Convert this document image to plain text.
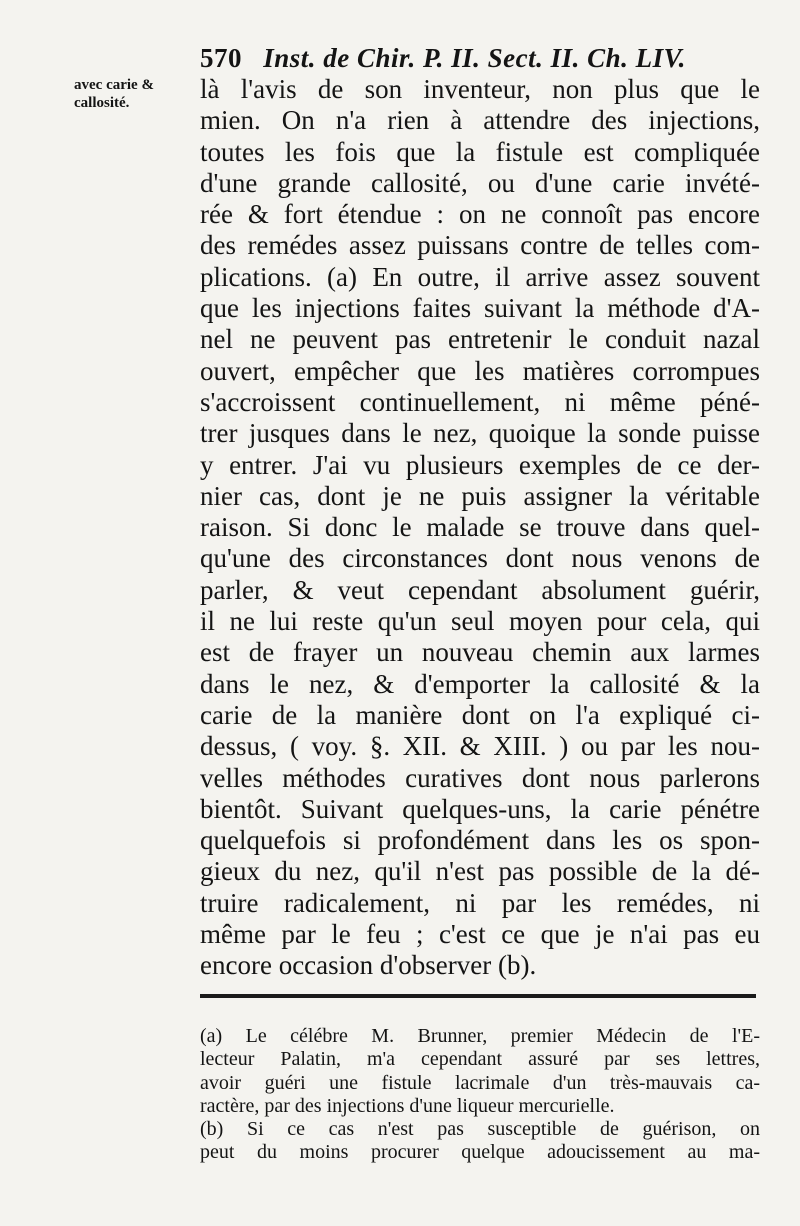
570 Inst. de Chir. P. II. Sect. II. Ch. LIV.
avec carie &
callosité.
	là l'avis de son inventeur, non plus que le
mien. On n'a rien à attendre des injections,
toutes les fois que la fistule est compliquée
d'une grande callosité, ou d'une carie invété-
rée & fort étendue : on ne connoît pas encore
des remédes assez puissans contre de telles com-
plications. (a) En outre, il arrive assez souvent
que les injections faites suivant la méthode d'A-
nel ne peuvent pas entretenir le conduit nazal
ouvert, empêcher que les matières corrompues
s'accroissent continuellement, ni même péné-
trer jusques dans le nez, quoique la sonde puisse
y entrer. J'ai vu plusieurs exemples de ce der-
nier cas, dont je ne puis assigner la véritable
raison. Si donc le malade se trouve dans quel-
qu'une des circonstances dont nous venons de
parler, & veut cependant absolument guérir,
il ne lui reste qu'un seul moyen pour cela, qui
est de frayer un nouveau chemin aux larmes
dans le nez, & d'emporter la callosité & la
carie de la manière dont on l'a expliqué ci-
dessus, ( voy. §. XII. & XIII. ) ou par les nou-
velles méthodes curatives dont nous parlerons
bientôt. Suivant quelques-uns, la carie pénétre
quelquefois si profondément dans les os spon-
gieux du nez, qu'il n'est pas possible de la dé-
truire radicalement, ni par les remédes, ni
même par le feu ; c'est ce que je n'ai pas eu
encore occasion d'observer (b).
(a) Le célébre M. Brunner, premier Médecin de l'E-
lecteur Palatin, m'a cependant assuré par ses lettres,
avoir guéri une fistule lacrimale d'un très-mauvais ca-
ractère, par des injections d'une liqueur mercurielle.
(b) Si ce cas n'est pas susceptible de guérison, on
peut du moins procurer quelque adoucissement au ma-
